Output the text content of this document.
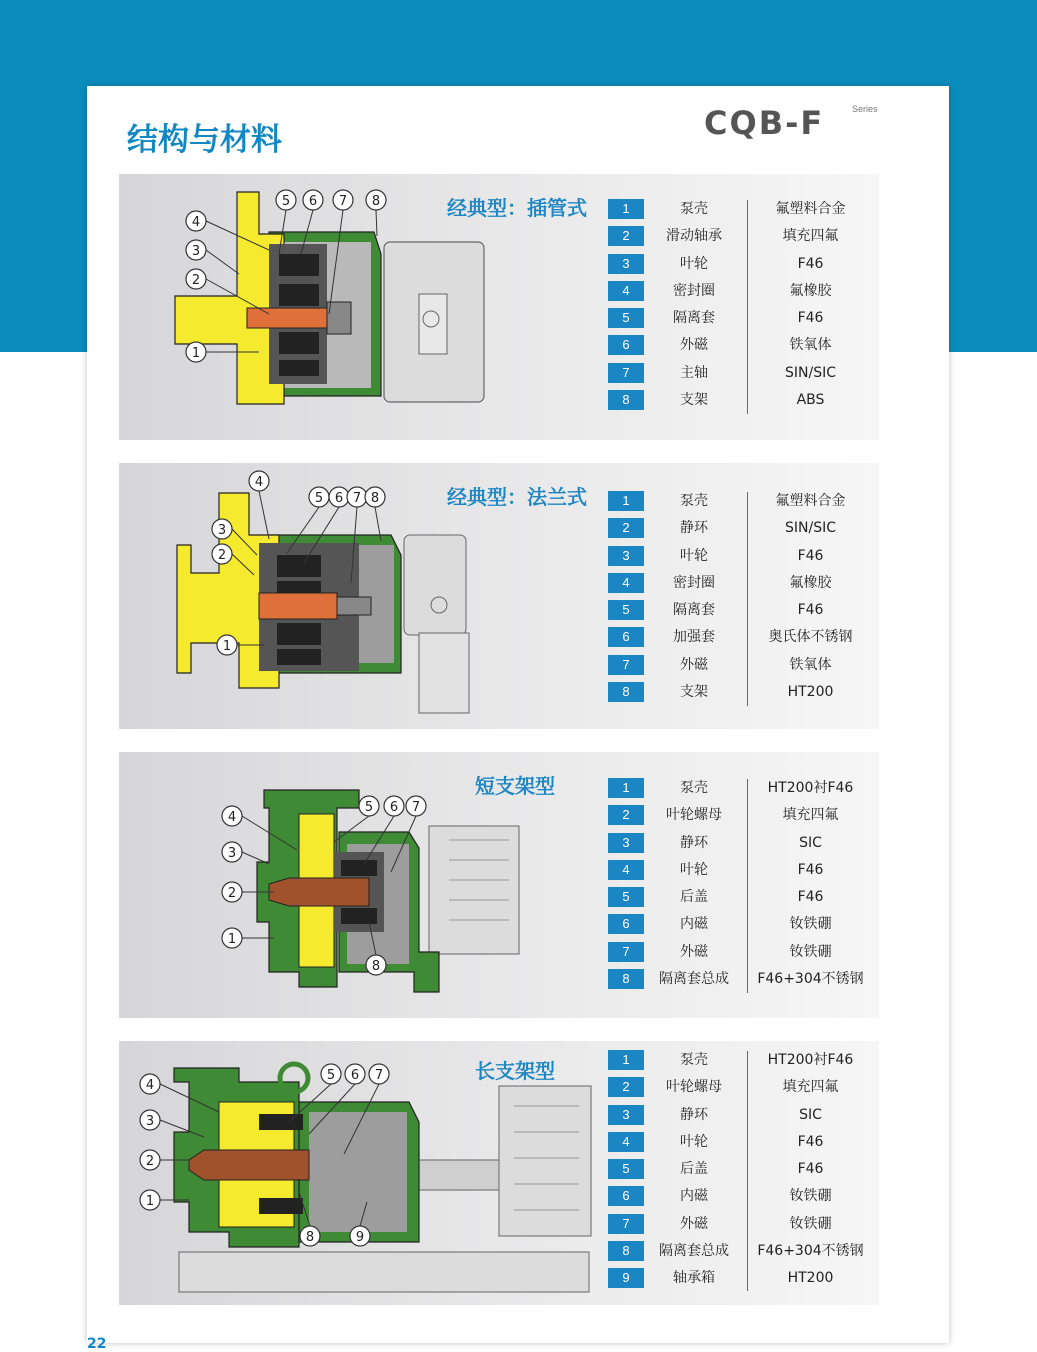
结构与材料	CQB-F	Series
1
2
3
4
5 6 7 8	经典型：插管式	1	泵壳	氟塑料合金
2	滑动轴承	填充四氟
3	叶轮	F46
4	密封圈	氟橡胶
5	隔离套	F46
6	外磁	铁氧体
7	主轴	SIN/SIC
8	支架	ABS
1
2
3
4
5 6 7 8	经典型：法兰式	1	泵壳	氟塑料合金
2	静环	SIN/SIC
3	叶轮	F46
4	密封圈	氟橡胶
5	隔离套	F46
6	加强套	奥氏体不锈钢
7	外磁	铁氧体
8	支架	HT200
1
2
3
4
5 6 7
8
短支架型	1	泵壳	HT200衬F46
2	叶轮螺母	填充四氟
3	静环	SIC
4	叶轮	F46
5	后盖	F46
6	内磁	钕铁硼
7	外磁	钕铁硼
8	隔离套总成	F46+304不锈钢
1
2
3
4
5 6 7
8	9
长支架型	1	泵壳	HT200衬F46
2	叶轮螺母	填充四氟
3	静环	SIC
4	叶轮	F46
5	后盖	F46
6	内磁	钕铁硼
7	外磁	钕铁硼
8	隔离套总成	F46+304不锈钢
9	轴承箱	HT200
22
